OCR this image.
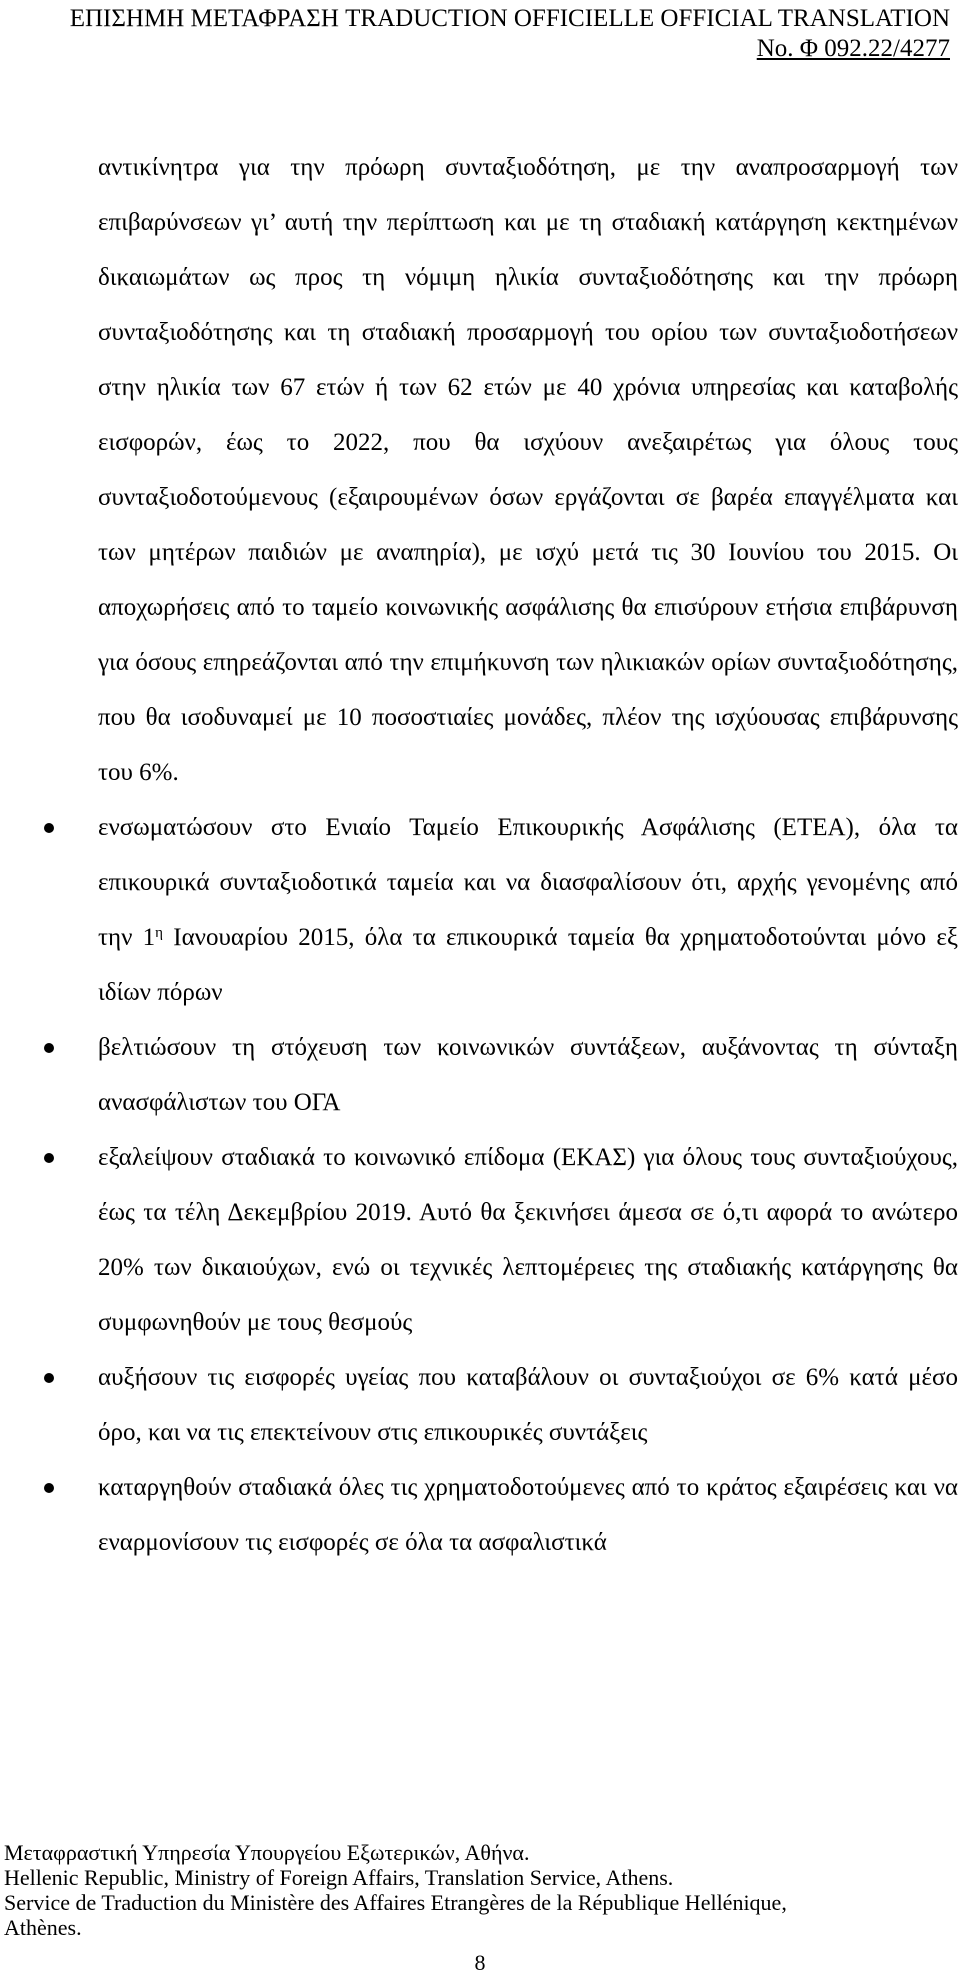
ΕΠΙΣΗΜΗ ΜΕΤΑΦΡΑΣΗ TRADUCTION OFFICIELLE OFFICIAL TRANSLATION
No. Φ 092.22/4277

αντικίνητρα για την πρόωρη συνταξιοδότηση, με την αναπροσαρμογή των επιβαρύνσεων γι’ αυτή την περίπτωση και με τη σταδιακή κατάργηση κεκτημένων δικαιωμάτων ως προς τη νόμιμη ηλικία συνταξιοδότησης και την πρόωρη συνταξιοδότησης και τη σταδιακή προσαρμογή του ορίου των συνταξιοδοτήσεων στην ηλικία των 67 ετών ή των 62 ετών με 40 χρόνια υπηρεσίας και καταβολής εισφορών, έως το 2022, που θα ισχύουν ανεξαιρέτως για όλους τους συνταξιοδοτούμενους (εξαιρουμένων όσων εργάζονται σε βαρέα επαγγέλματα και των μητέρων παιδιών με αναπηρία), με ισχύ μετά τις 30 Ιουνίου του 2015. Οι αποχωρήσεις από το ταμείο κοινωνικής ασφάλισης θα επισύρουν ετήσια επιβάρυνση για όσους επηρεάζονται από την επιμήκυνση των ηλικιακών ορίων συνταξιοδότησης, που θα ισοδυναμεί με 10 ποσοστιαίες μονάδες, πλέον της ισχύουσας επιβάρυνσης του 6%.

ενσωματώσουν στο Ενιαίο Ταμείο Επικουρικής Ασφάλισης (ΕΤΕΑ), όλα τα επικουρικά συνταξιοδοτικά ταμεία και να διασφαλίσουν ότι, αρχής γενομένης από την $1^\eta$ Ιανουαρίου 2015, όλα τα επικουρικά ταμεία θα χρηματοδοτούνται μόνο εξ ιδίων πόρων
βελτιώσουν τη στόχευση των κοινωνικών συντάξεων, αυξάνοντας τη σύνταξη ανασφάλιστων του ΟΓΑ
εξαλείψουν σταδιακά το κοινωνικό επίδομα (ΕΚΑΣ) για όλους τους συνταξιούχους, έως τα τέλη Δεκεμβρίου 2019. Αυτό θα ξεκινήσει άμεσα σε ό,τι αφορά το ανώτερο 20% των δικαιούχων, ενώ οι τεχνικές λεπτομέρειες της σταδιακής κατάργησης θα συμφωνηθούν με τους θεσμούς
αυξήσουν τις εισφορές υγείας που καταβάλουν οι συνταξιούχοι σε 6% κατά μέσο όρο, και να τις επεκτείνουν στις επικουρικές συντάξεις
καταργηθούν σταδιακά όλες τις χρηματοδοτούμενες από το κράτος εξαιρέσεις και να εναρμονίσουν τις εισφορές σε όλα τα ασφαλιστικά
Μεταφραστική Υπηρεσία Υπουργείου Εξωτερικών, Αθήνα.
Hellenic Republic, Ministry of Foreign Affairs, Translation Service, Athens.
Service de Traduction du Ministère des Affaires Etrangères de la République Hellénique,
Athènes.
8
